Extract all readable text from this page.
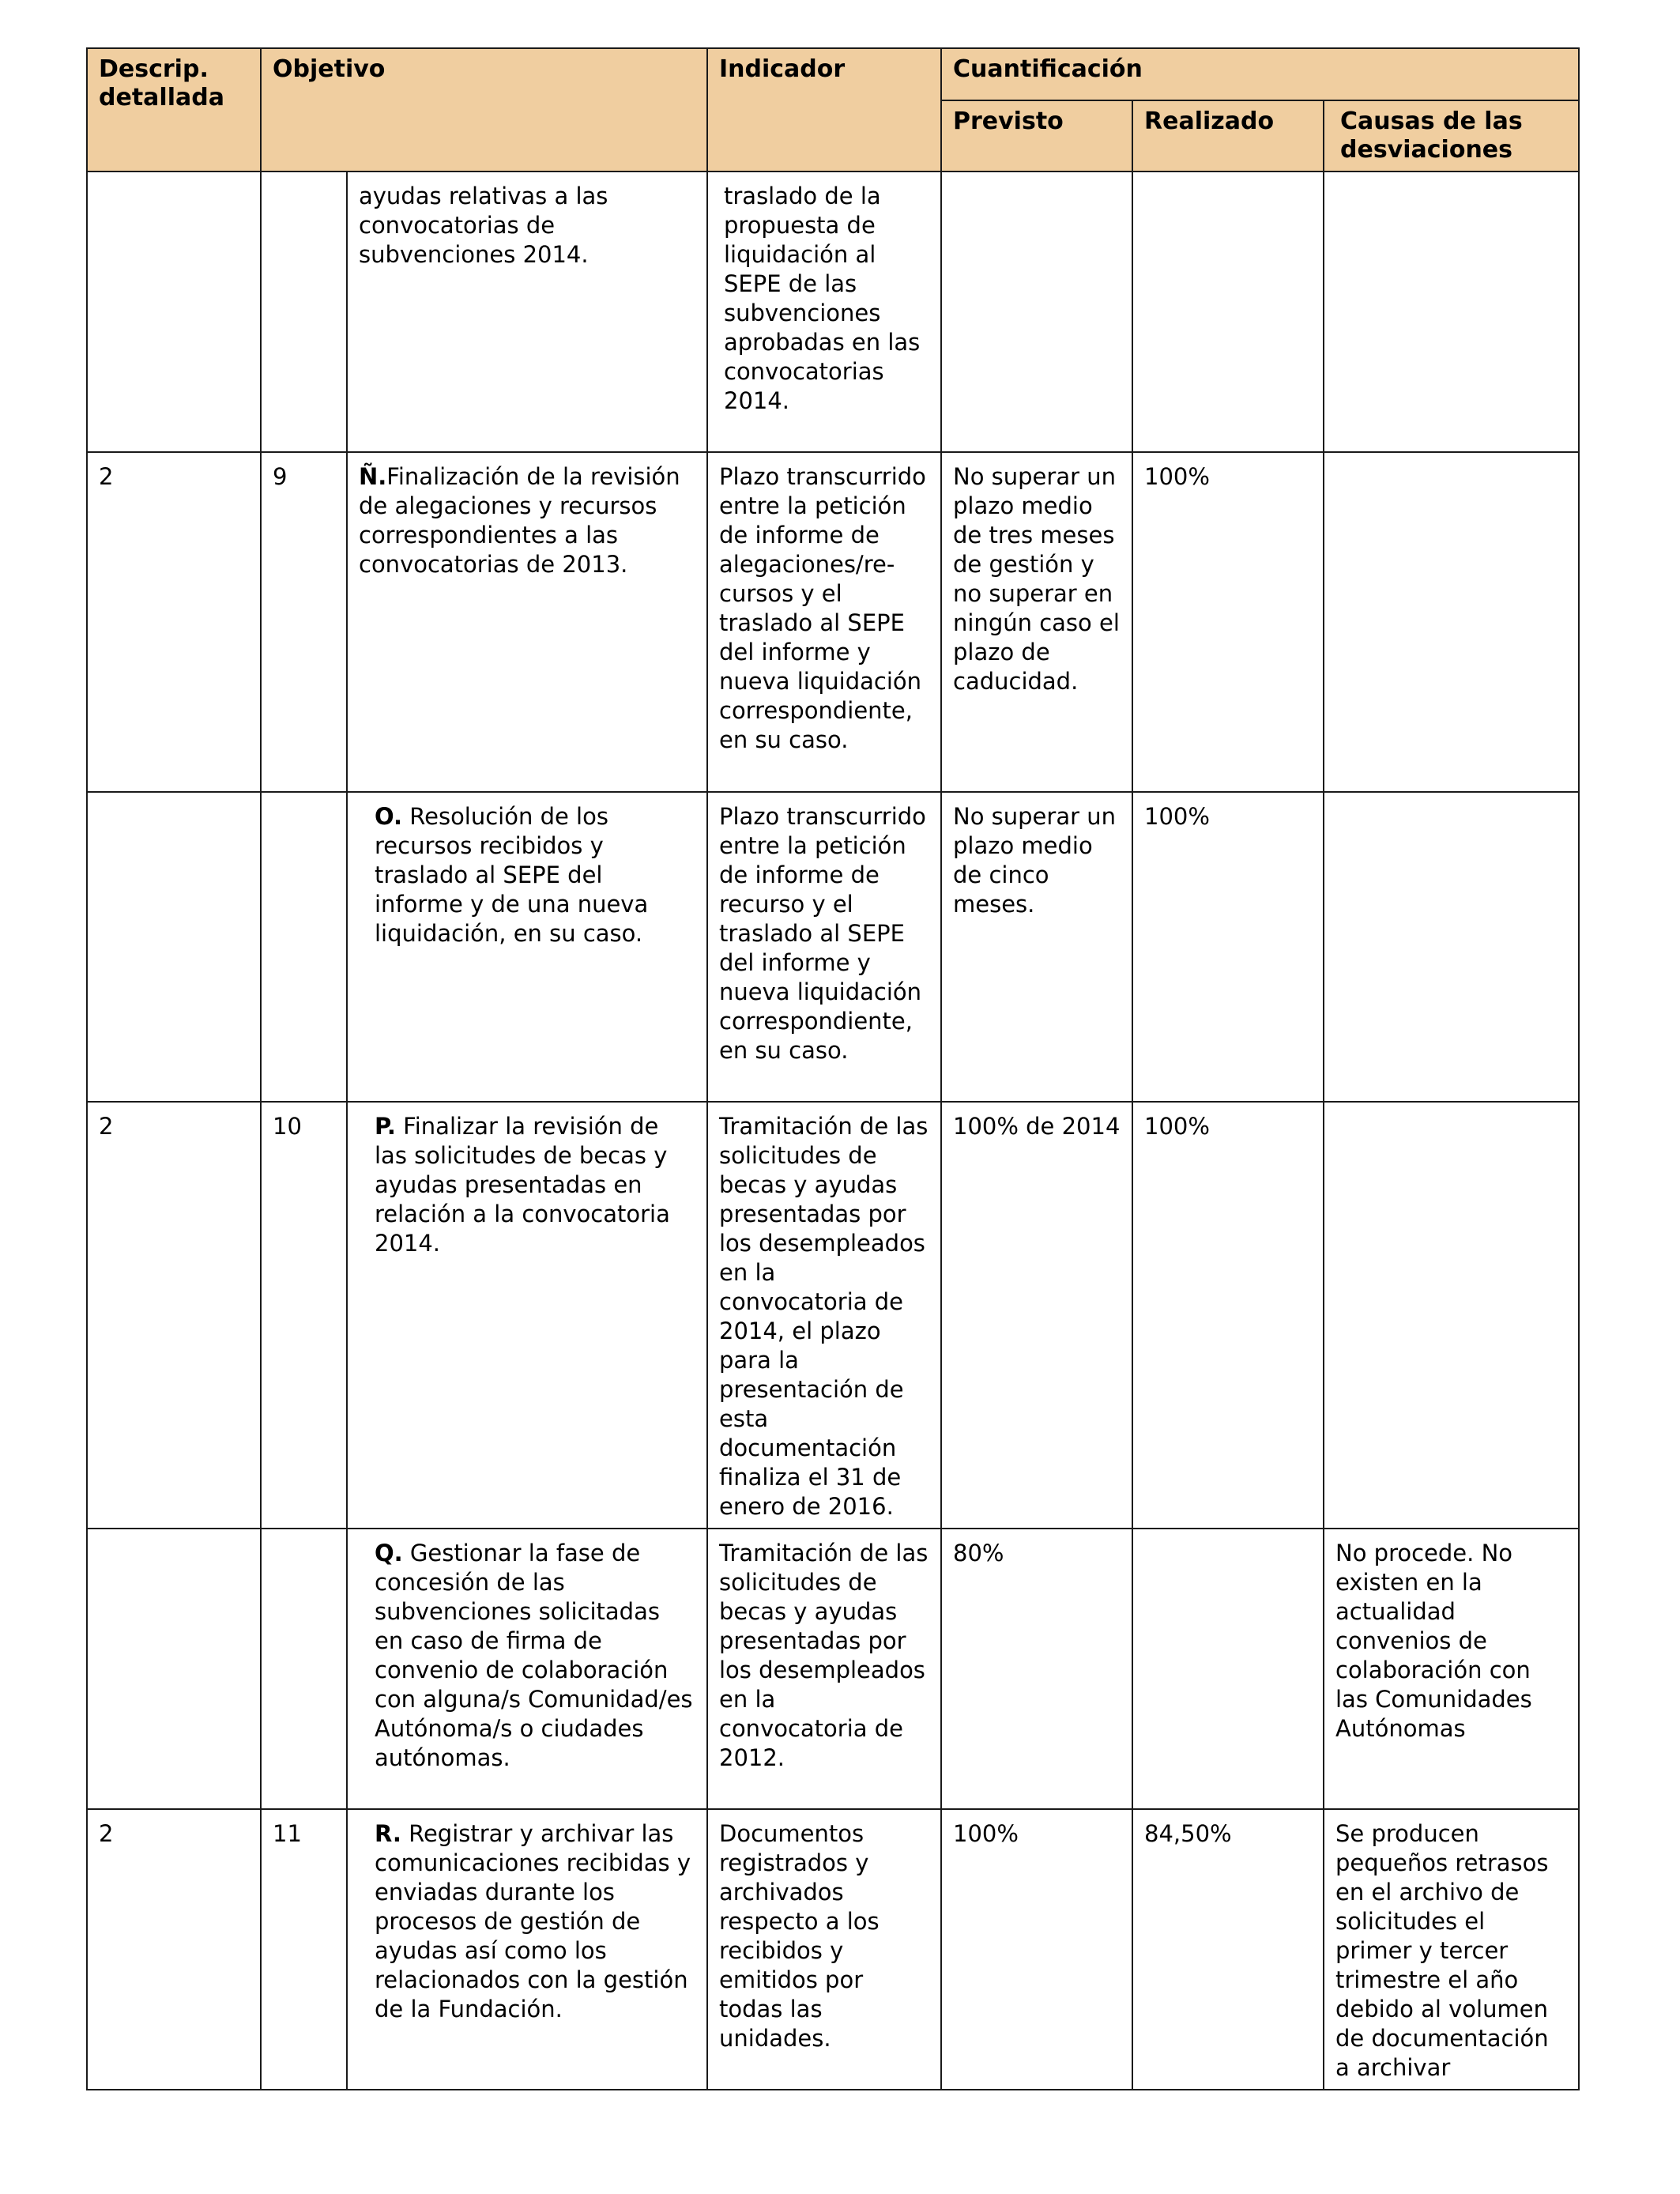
Descrip. detallada	Objetivo		Indicador	Cuantificación		
				Previsto	Realizado	Causas de las desviaciones
		ayudas relativas a las convocatorias de subvenciones 2014.	traslado de la propuesta de liquidación al SEPE de las subvenciones aprobadas en las convocatorias 2014.			
2	9	Ñ.Finalización de la revisión de alegaciones y recursos correspondientes a las convocatorias de 2013.	Plazo transcurrido entre la petición de informe de alegaciones/re-cursos y el traslado al SEPE del informe y nueva liquidación correspondiente, en su caso.	No superar un plazo medio de tres meses de gestión y no superar en ningún caso el plazo de caducidad.	100%	
		O. Resolución de los recursos recibidos y traslado al SEPE del informe y de una nueva liquidación, en su caso.	Plazo transcurrido entre la petición de informe de recurso y el traslado al SEPE del informe y nueva liquidación correspondiente, en su caso.	No superar un plazo medio de cinco meses.	100%	
2	10	P. Finalizar la revisión de las solicitudes de becas y ayudas presentadas en relación a la convocatoria 2014.	Tramitación de las solicitudes de becas y ayudas presentadas por los desempleados en la convocatoria de 2014, el plazo para la presentación de esta documentación finaliza el 31 de enero de 2016.	100% de 2014	100%	
		Q. Gestionar la fase de concesión de las subvenciones solicitadas en caso de firma de convenio de colaboración con alguna/s Comunidad/es Autónoma/s o ciudades autónomas.	Tramitación de las solicitudes de becas y ayudas presentadas por los desempleados en la convocatoria de 2012.	80%		No procede. No existen en la actualidad convenios de colaboración con las Comunidades Autónomas
2	11	R. Registrar y archivar las comunicaciones recibidas y enviadas durante los procesos de gestión de ayudas así como los relacionados con la gestión de la Fundación.	Documentos registrados y archivados respecto a los recibidos y emitidos por todas las unidades.	100%	84,50%	Se producen pequeños retrasos en el archivo de solicitudes el primer y tercer trimestre el año debido al volumen de documentación a archivar
